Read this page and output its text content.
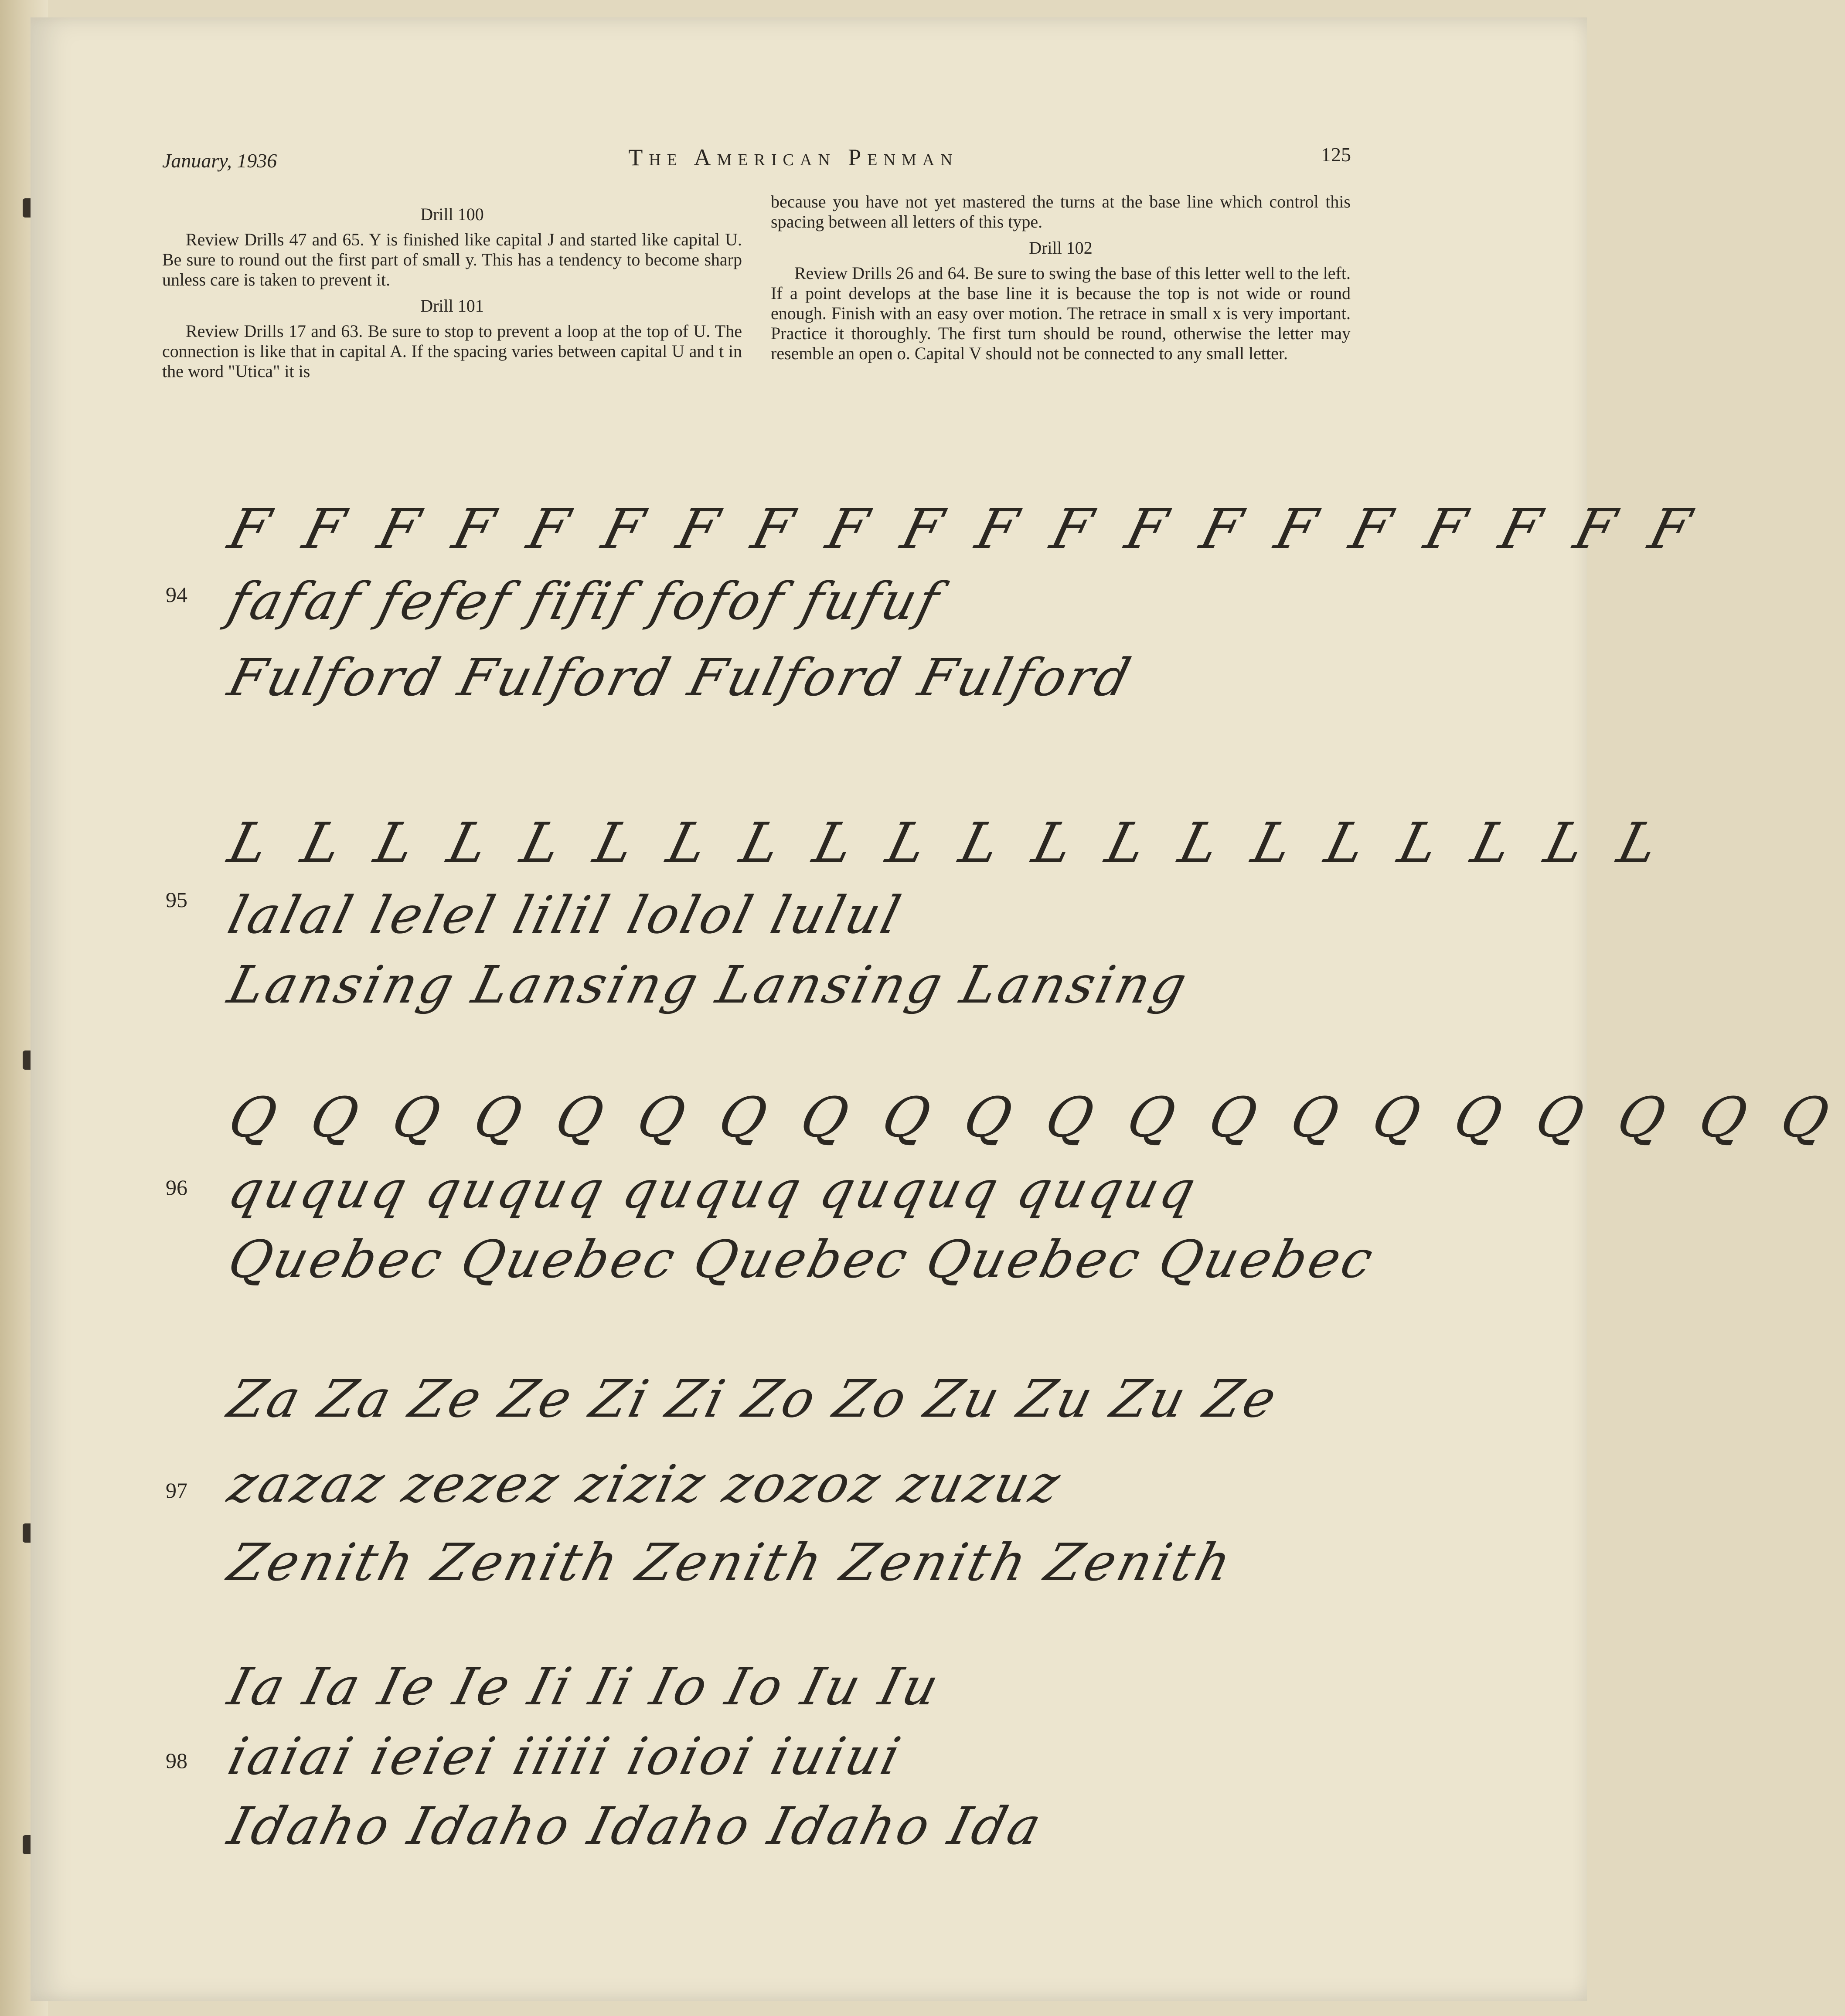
January, 1936	The American Penman	125
Drill 100

Review Drills 47 and 65. Y is finished like capital J and started like capital U. Be sure to round out the first part of small y. This has a tendency to become sharp unless care is taken to prevent it.

Drill 101

Review Drills 17 and 63. Be sure to stop to prevent a loop at the top of U. The connection is like that in capital A. If the spacing varies between capital U and t in the word "Utica" it is

because you have not yet mastered the turns at the base line which control this spacing between all letters of this type.

Drill 102

Review Drills 26 and 64. Be sure to swing the base of this letter well to the left. If a point develops at the base line it is because the top is not wide or round enough. Finish with an easy over motion. The retrace in small x is very important. Practice it thoroughly. The first turn should be round, otherwise the letter may resemble an open o. Capital V should not be connected to any small letter.

94
F F F F F F F F F F F F F F F F F F F F
fafaf fefef fifif fofof fufuf
Fulford Fulford Fulford Fulford
95
L L L L L L L L L L L L L L L L L L L L
lalal lelel lilil lolol lulul
Lansing Lansing Lansing Lansing
96
Q Q Q Q Q Q Q Q Q Q Q Q Q Q Q Q Q Q Q Q
ququq ququq ququq ququq ququq
Quebec Quebec Quebec Quebec Quebec
97
Za Za Ze Ze Zi Zi Zo Zo Zu Zu Zu Ze
zazaz zezez ziziz zozoz zuzuz
Zenith Zenith Zenith Zenith Zenith
98
Ia Ia Ie Ie Ii Ii Io Io Iu Iu
iaiai ieiei iiiii ioioi iuiui
Idaho Idaho Idaho Idaho Ida
